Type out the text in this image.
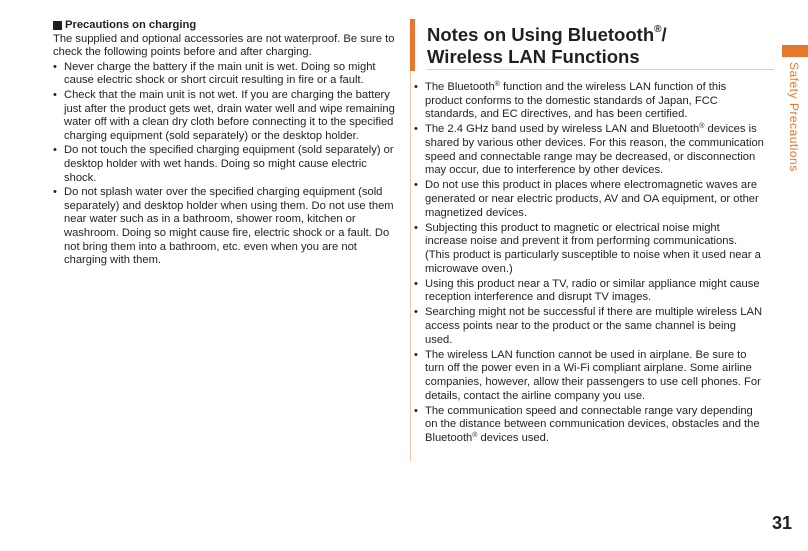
Precautions on charging
The supplied and optional accessories are not waterproof. Be sure to check the following points before and after charging.
• Never charge the battery if the main unit is wet. Doing so might cause electric shock or short circuit resulting in fire or a fault.
• Check that the main unit is not wet. If you are charging the battery just after the product gets wet, drain water well and wipe remaining water off with a clean dry cloth before connecting it to the specified charging equipment (sold separately) or the desktop holder.
• Do not touch the specified charging equipment (sold separately) or desktop holder with wet hands. Doing so might cause electric shock.
• Do not splash water over the specified charging equipment (sold separately) and desktop holder when using them. Do not use them near water such as in a bathroom, shower room, kitchen or washroom. Doing so might cause fire, electric shock or a fault. Do not bring them into a bathroom, etc. even when you are not charging with them.
Notes on Using Bluetooth®/
Wireless LAN Functions
• The Bluetooth® function and the wireless LAN function of this product conforms to the domestic standards of Japan, FCC standards, and EC directives, and has been certified.
• The 2.4 GHz band used by wireless LAN and Bluetooth® devices is shared by various other devices. For this reason, the communication speed and connectable range may be decreased, or disconnection may occur, due to interference by other devices.
• Do not use this product in places where electromagnetic waves are generated or near electric products, AV and OA equipment, or other magnetized devices.
• Subjecting this product to magnetic or electrical noise might increase noise and prevent it from performing communications. (This product is particularly susceptible to noise when it used near a microwave oven.)
• Using this product near a TV, radio or similar appliance might cause reception interference and disrupt TV images.
• Searching might not be successful if there are multiple wireless LAN access points near to the product or the same channel is being used.
• The wireless LAN function cannot be used in airplane. Be sure to turn off the power even in a Wi-Fi compliant airplane. Some airline companies, however, allow their passengers to use cell phones. For details, contact the airline company you use.
• The communication speed and connectable range vary depending on the distance between communication devices, obstacles and the Bluetooth® devices used.
Safety Precautions
31
